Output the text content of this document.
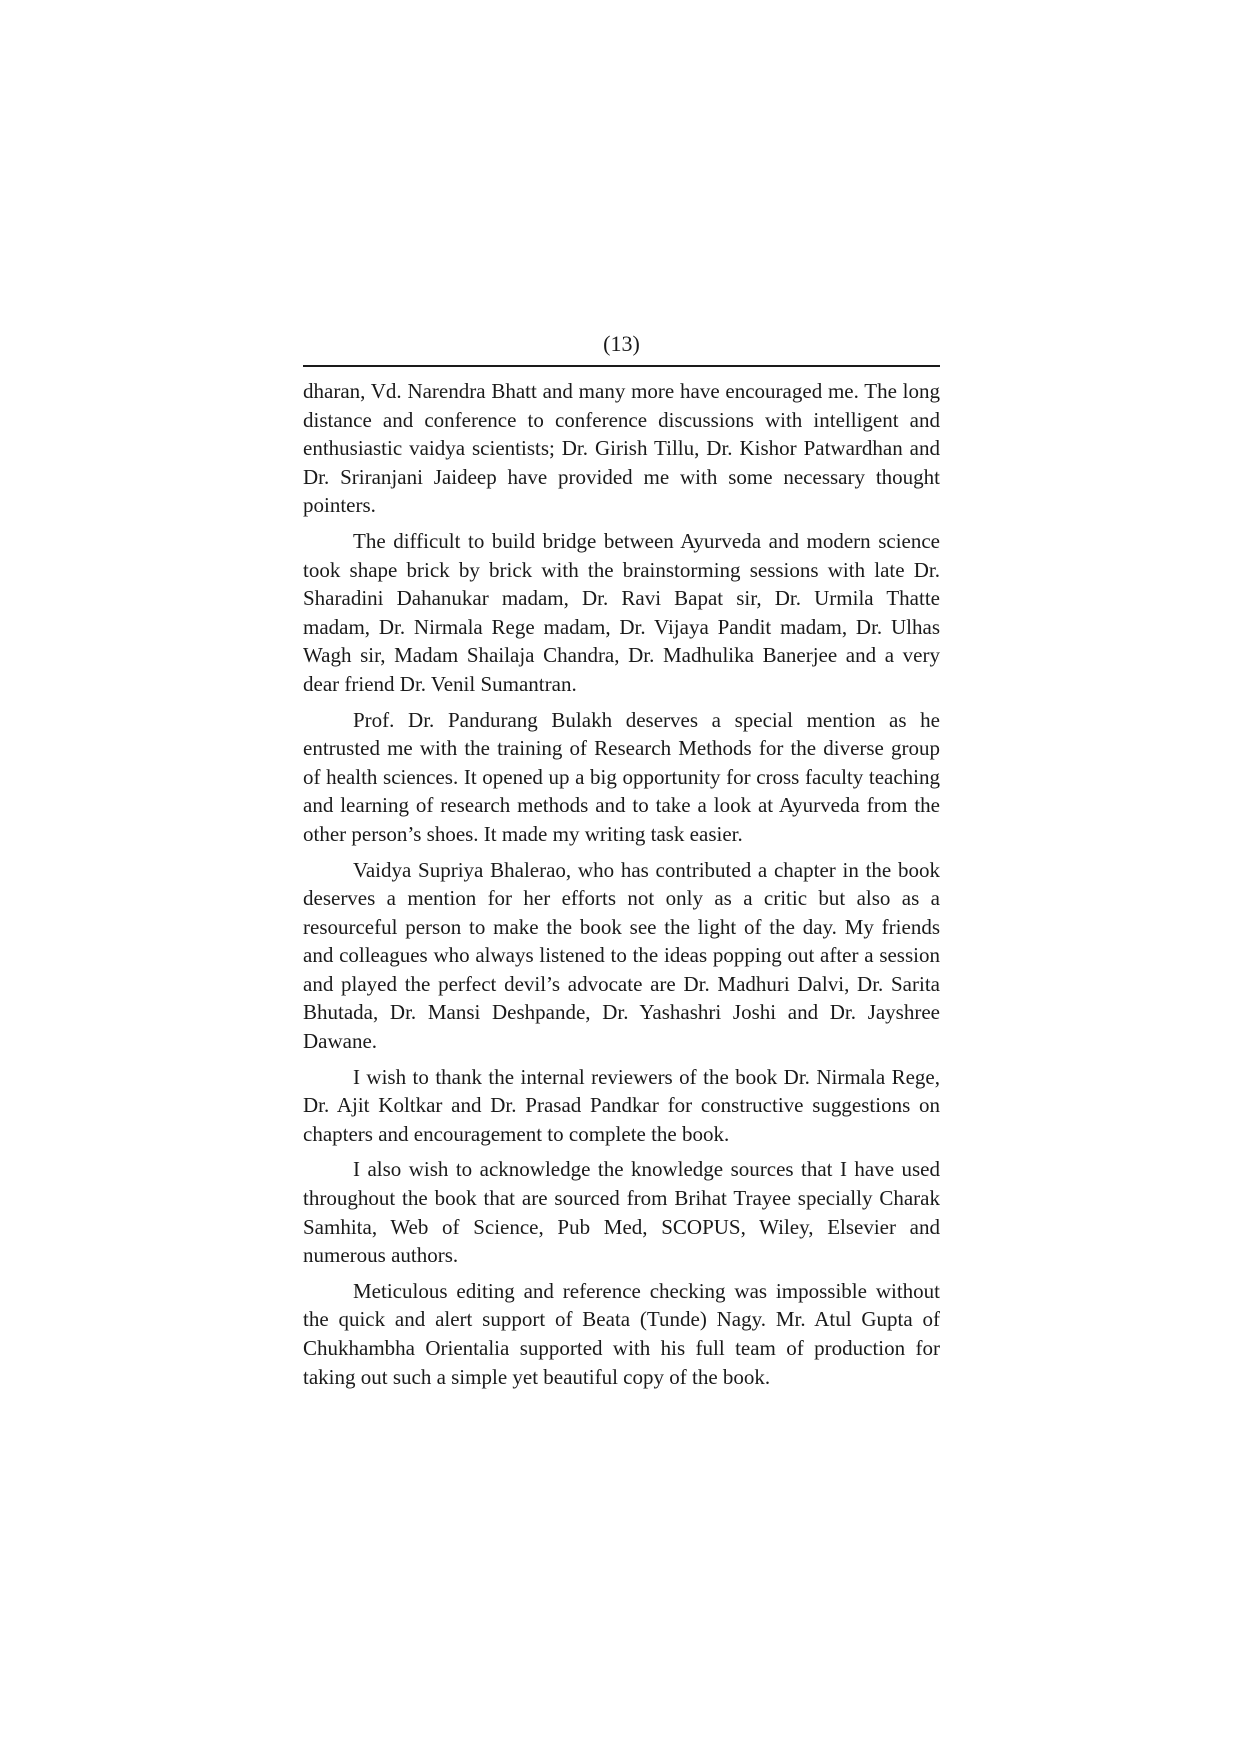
(13)

dharan, Vd. Narendra Bhatt and many more have encouraged me. The long distance and conference to conference discussions with intelligent and enthusiastic vaidya scientists; Dr. Girish Tillu, Dr. Kishor Patwardhan and Dr. Sriranjani Jaideep have provided me with some necessary thought pointers.

The difficult to build bridge between Ayurveda and modern science took shape brick by brick with the brainstorming sessions with late Dr. Sharadini Dahanukar madam, Dr. Ravi Bapat sir, Dr. Urmila Thatte madam, Dr. Nirmala Rege madam, Dr. Vijaya Pandit madam, Dr. Ulhas Wagh sir, Madam Shailaja Chandra, Dr. Madhulika Banerjee and a very dear friend Dr. Venil Sumantran.

Prof. Dr. Pandurang Bulakh deserves a special mention as he entrusted me with the training of Research Methods for the diverse group of health sciences. It opened up a big opportunity for cross faculty teaching and learning of research methods and to take a look at Ayurveda from the other person’s shoes. It made my writing task easier.

Vaidya Supriya Bhalerao, who has contributed a chapter in the book deserves a mention for her efforts not only as a critic but also as a resourceful person to make the book see the light of the day. My friends and colleagues who always listened to the ideas popping out after a session and played the perfect devil’s advocate are Dr. Madhuri Dalvi, Dr. Sarita Bhutada, Dr. Mansi Deshpande, Dr. Yashashri Joshi and Dr. Jayshree Dawane.

I wish to thank the internal reviewers of the book Dr. Nirmala Rege, Dr. Ajit Koltkar and Dr. Prasad Pandkar for constructive suggestions on chapters and encouragement to complete the book.

I also wish to acknowledge the knowledge sources that I have used throughout the book that are sourced from Brihat Trayee specially Charak Samhita, Web of Science, Pub Med, SCOPUS, Wiley, Elsevier and numerous authors.

Meticulous editing and reference checking was impossible without the quick and alert support of Beata (Tunde) Nagy. Mr. Atul Gupta of Chukhambha Orientalia supported with his full team of production for taking out such a simple yet beautiful copy of the book.
